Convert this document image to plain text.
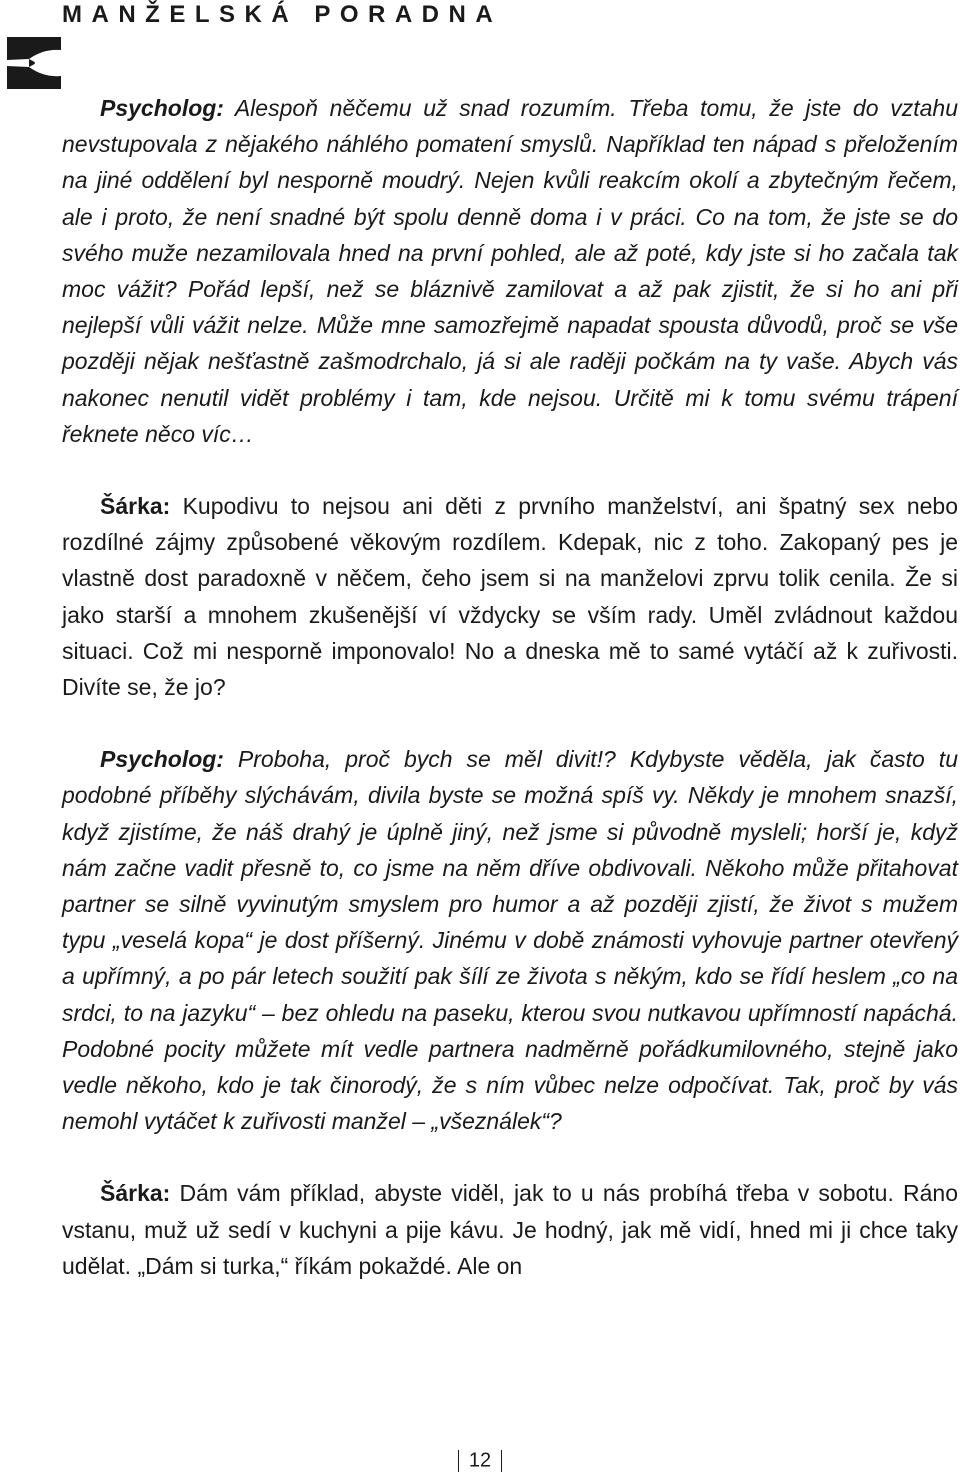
MANŽELSKÁ PORADNA

Psycholog: Alespoň něčemu už snad rozumím. Třeba tomu, že jste do vztahu nevstupovala z nějakého náhlého pomatení smyslů. Například ten nápad s přeložením na jiné oddělení byl nesporně moudrý. Nejen kvůli reakcím okolí a zbytečným řečem, ale i proto, že není snadné být spolu denně doma i v práci. Co na tom, že jste se do svého muže nezamilovala hned na první pohled, ale až poté, kdy jste si ho začala tak moc vážit? Pořád lepší, než se bláznivě zamilovat a až pak zjistit, že si ho ani při nejlepší vůli vážit nelze. Může mne samozřejmě napadat spousta důvodů, proč se vše později nějak nešťastně zašmodrchalo, já si ale raději počkám na ty vaše. Abych vás nakonec nenutil vidět problémy i tam, kde nejsou. Určitě mi k tomu svému trápení řeknete něco víc…

Šárka: Kupodivu to nejsou ani děti z prvního manželství, ani špatný sex nebo rozdílné zájmy způsobené věkovým rozdílem. Kdepak, nic z toho. Zakopaný pes je vlastně dost paradoxně v něčem, čeho jsem si na manželovi zprvu tolik cenila. Že si jako starší a mnohem zkušenější ví vždycky se vším rady. Uměl zvládnout každou situaci. Což mi nesporně imponovalo! No a dneska mě to samé vytáčí až k zuřivosti. Divíte se, že jo?

Psycholog: Proboha, proč bych se měl divit!? Kdybyste věděla, jak často tu podobné příběhy slýchávám, divila byste se možná spíš vy. Někdy je mnohem snazší, když zjistíme, že náš drahý je úplně jiný, než jsme si původně mysleli; horší je, když nám začne vadit přesně to, co jsme na něm dříve obdivovali. Někoho může přitahovat partner se silně vyvinutým smyslem pro humor a až později zjistí, že život s mužem typu „veselá kopa“ je dost příšerný. Jinému v době známosti vyhovuje partner otevřený a upřímný, a po pár letech soužití pak šílí ze života s někým, kdo se řídí heslem „co na srdci, to na jazyku“ – bez ohledu na paseku, kterou svou nutkavou upřímností napáchá. Podobné pocity můžete mít vedle partnera nadměrně pořádkumilovného, stejně jako vedle někoho, kdo je tak činorodý, že s ním vůbec nelze odpočívat. Tak, proč by vás nemohl vytáčet k zuřivosti manžel – „všeználek“?

Šárka: Dám vám příklad, abyste viděl, jak to u nás probíhá třeba v sobotu. Ráno vstanu, muž už sedí v kuchyni a pije kávu. Je hodný, jak mě vidí, hned mi ji chce taky udělat. „Dám si turka,“ říkám pokaždé. Ale on

12
